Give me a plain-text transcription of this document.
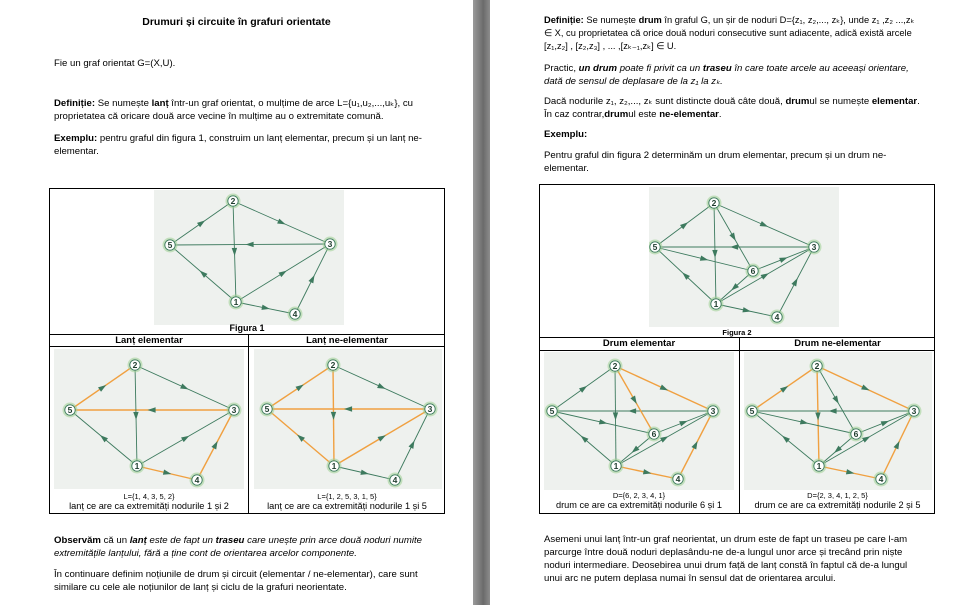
Drumuri și circuite în grafuri orientate

Fie un graf orientat G=(X,U).

Definiție: Se numește lanț într-un graf orientat, o mulțime de arce L={u₁,u₂,...,uₖ}, cu
proprietatea că oricare două arce vecine în mulțime au o extremitate comună.

Exemplu: pentru graful din figura 1, construim un lanț elementar, precum și un lanț ne-
elementar.

1
2
3
4
5
Figura 1
Lanț elementar	Lanț ne-elementar
1
2
3
4
5
1
2
3
4
5
L={1, 4, 3, 5, 2}
lanț ce are ca extremități nodurile 1 și 2
L={1, 2, 5, 3, 1, 5}
lanț ce are ca extremități nodurile 1 și 5

Observăm că un lanț este de fapt un traseu care unește prin arce două noduri numite
extremitățile lanțului, fără a ține cont de orientarea arcelor componente.

În continuare definim noțiunile de drum și circuit (elementar / ne-elementar), care sunt
similare cu cele ale noțiunilor de lanț și ciclu de la grafuri neorientate.

Definiție: Se numește drum în graful G, un șir de noduri D={z₁, z₂,..., zₖ}, unde z₁ ,z₂ ...,zₖ
∈ X, cu proprietatea că orice două noduri consecutive sunt adiacente, adică există arcele
[z₁,z₂] , [z₂,z₃] , ... ,[zₖ₋₁,zₖ] ∈ U.

Practic, un drum poate fi privit ca un traseu în care toate arcele au aceeași orientare,
dată de sensul de deplasare de la z₁ la zₖ.

Dacă nodurile z₁, z₂,..., zₖ sunt distincte două câte două, drumul se numește elementar.
În caz contrar,drumul este ne-elementar.

Exemplu:

Pentru graful din figura 2 determinăm un drum elementar, precum și un drum ne-
elementar.

1
2
3
4
5
6
Figura 2
Drum elementar	Drum ne-elementar
1
2
3
4
5
6
1
2
3
4
5
6
D={6, 2, 3, 4, 1}
drum ce are ca extremități nodurile 6 și 1
D={2, 3, 4, 1, 2, 5}
drum ce are ca extremități nodurile 2 și 5

Asemeni unui lanț într-un graf neorientat, un drum este de fapt un traseu pe care l-am
parcurge între două noduri deplasându-ne de-a lungul unor arce și trecând prin niște
noduri intermediare. Deosebirea unui drum față de lanț constă în faptul că de-a lungul
unui arc ne putem deplasa numai în sensul dat de orientarea arcului.
